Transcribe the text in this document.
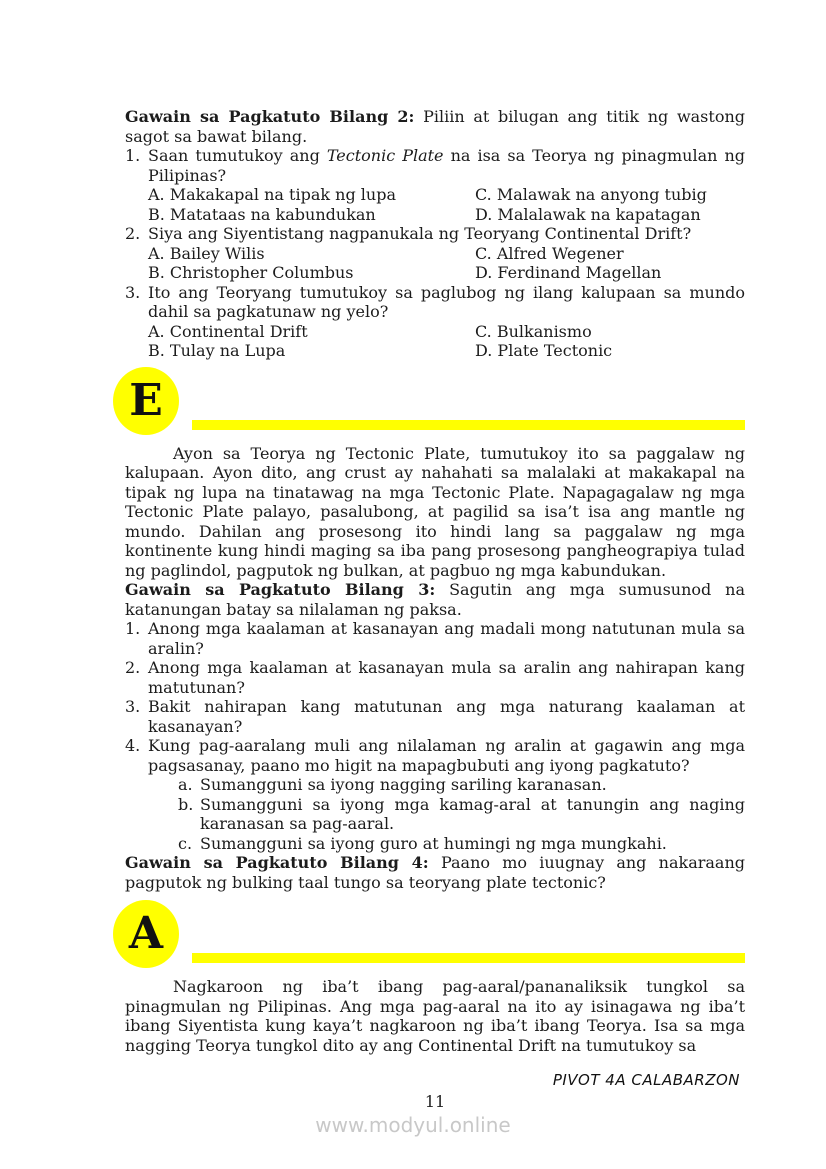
Gawain sa Pagkatuto Bilang 2: Piliin at bilugan ang titik ng wastong sagot sa bawat bilang.

1. Saan tumutukoy ang Tectonic Plate na isa sa Teorya ng pinagmulan ng Pilipinas?
A. Makakapal na tipak ng lupa	C. Malawak na anyong tubig
B. Matataas na kabundukan	D. Malalawak na kapatagan
2. Siya ang Siyentistang nagpanukala ng Teoryang Continental Drift?
A. Bailey Wilis	C. Alfred Wegener
B. Christopher Columbus	D. Ferdinand Magellan
3. Ito ang Teoryang tumutukoy sa paglubog ng ilang kalupaan sa mundo dahil sa pagkatunaw ng yelo?
A. Continental Drift	C. Bulkanismo
B. Tulay na Lupa	D. Plate Tectonic
E

Ayon sa Teorya ng Tectonic Plate, tumutukoy ito sa paggalaw ng kalupaan. Ayon dito, ang crust ay nahahati sa malalaki at makakapal na tipak ng lupa na tinatawag na mga Tectonic Plate. Napagagalaw ng mga Tectonic Plate palayo, pasalubong, at pagilid sa isa’t isa ang mantle ng mundo. Dahilan ang prosesong ito hindi lang sa paggalaw ng mga kontinente kung hindi maging sa iba pang prosesong pangheograpiya tulad ng paglindol, pagputok ng bulkan, at pagbuo ng mga kabundukan.

Gawain sa Pagkatuto Bilang 3: Sagutin ang mga sumusunod na katanungan batay sa nilalaman ng paksa.

1. Anong mga kaalaman at kasanayan ang madali mong natutunan mula sa aralin?
2. Anong mga kaalaman at kasanayan mula sa aralin ang nahirapan kang matutunan?
3. Bakit nahirapan kang matutunan ang mga naturang kaalaman at kasanayan?
4. Kung pag-aaralang muli ang nilalaman ng aralin at gagawin ang mga pagsasanay, paano mo higit na mapagbubuti ang iyong pagkatuto?
a. Sumangguni sa iyong nagging sariling karanasan.
b. Sumangguni sa iyong mga kamag-aral at tanungin ang naging karanasan sa pag-aaral.
c. Sumangguni sa iyong guro at humingi ng mga mungkahi.

Gawain sa Pagkatuto Bilang 4: Paano mo iuugnay ang nakaraang pagputok ng bulking taal tungo sa teoryang plate tectonic?

A

Nagkaroon ng iba’t ibang pag-aaral/pananaliksik tungkol sa pinagmulan ng Pilipinas. Ang mga pag-aaral na ito ay isinagawa ng iba’t ibang Siyentista kung kaya’t nagkaroon ng iba’t ibang Teorya. Isa sa mga nagging Teorya tungkol dito ay ang Continental Drift na tumutukoy sa

PIVOT 4A CALABARZON
11
www.modyul.online
